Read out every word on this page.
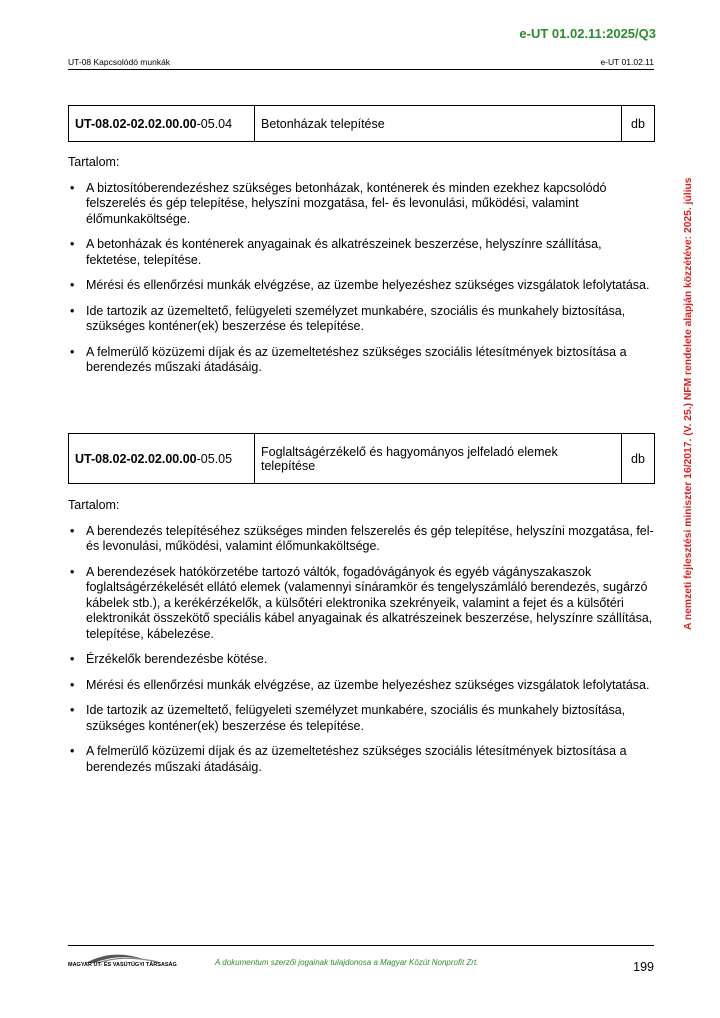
e-UT 01.02.11:2025/Q3
UT-08 Kapcsolódó munkák	e-UT 01.02.11
A nemzeti fejlesztési miniszter 16/2017. (V. 25.) NFM rendelete alapján közzétéve: 2025. július
UT-08.02-02.02.00.00-05.04	Betonházak telepítése	db

Tartalom:

• A biztosítóberendezéshez szükséges betonházak, konténerek és minden ezekhez kapcsolódó felszerelés és gép telepítése, helyszíni mozgatása, fel- és levonulási, működési, valamint élőmunkaköltsége.
• A betonházak és konténerek anyagainak és alkatrészeinek beszerzése, helyszínre szállítása, fektetése, telepítése.
• Mérési és ellenőrzési munkák elvégzése, az üzembe helyezéshez szükséges vizsgálatok lefolytatása.
• Ide tartozik az üzemeltető, felügyeleti személyzet munkabére, szociális és munkahely biztosítása, szükséges konténer(ek) beszerzése és telepítése.
• A felmerülő közüzemi díjak és az üzemeltetéshez szükséges szociális létesítmények biztosítása a berendezés műszaki átadásáig.
UT-08.02-02.02.00.00-05.05	Foglaltságérzékelő és hagyományos jelfeladó elemek telepítése	db

Tartalom:

• A berendezés telepítéséhez szükséges minden felszerelés és gép telepítése, helyszíni mozgatása, fel- és levonulási, működési, valamint élőmunkaköltsége.
• A berendezések hatókörzetébe tartozó váltók, fogadóvágányok és egyéb vágányszakaszok foglaltságérzékelését ellátó elemek (valamennyi sínáramkör és tengelyszámláló berendezés, sugárzó kábelek stb.), a kerékérzékelők, a külsőtéri elektronika szekrényeik, valamint a fejet és a külsőtéri elektronikát összekötő speciális kábel anyagainak és alkatrészeinek beszerzése, helyszínre szállítása, telepítése, kábelezése.
• Érzékelők berendezésbe kötése.
• Mérési és ellenőrzési munkák elvégzése, az üzembe helyezéshez szükséges vizsgálatok lefolytatása.
• Ide tartozik az üzemeltető, felügyeleti személyzet munkabére, szociális és munkahely biztosítása, szükséges konténer(ek) beszerzése és telepítése.
• A felmerülő közüzemi díjak és az üzemeltetéshez szükséges szociális létesítmények biztosítása a berendezés műszaki átadásáig.
MAGYAR ÚT- ÉS VASÚTÜGYI TÁRSASÁG	A dokumentum szerzői jogainak tulajdonosa a Magyar Közút Nonprofit Zrt.	199
